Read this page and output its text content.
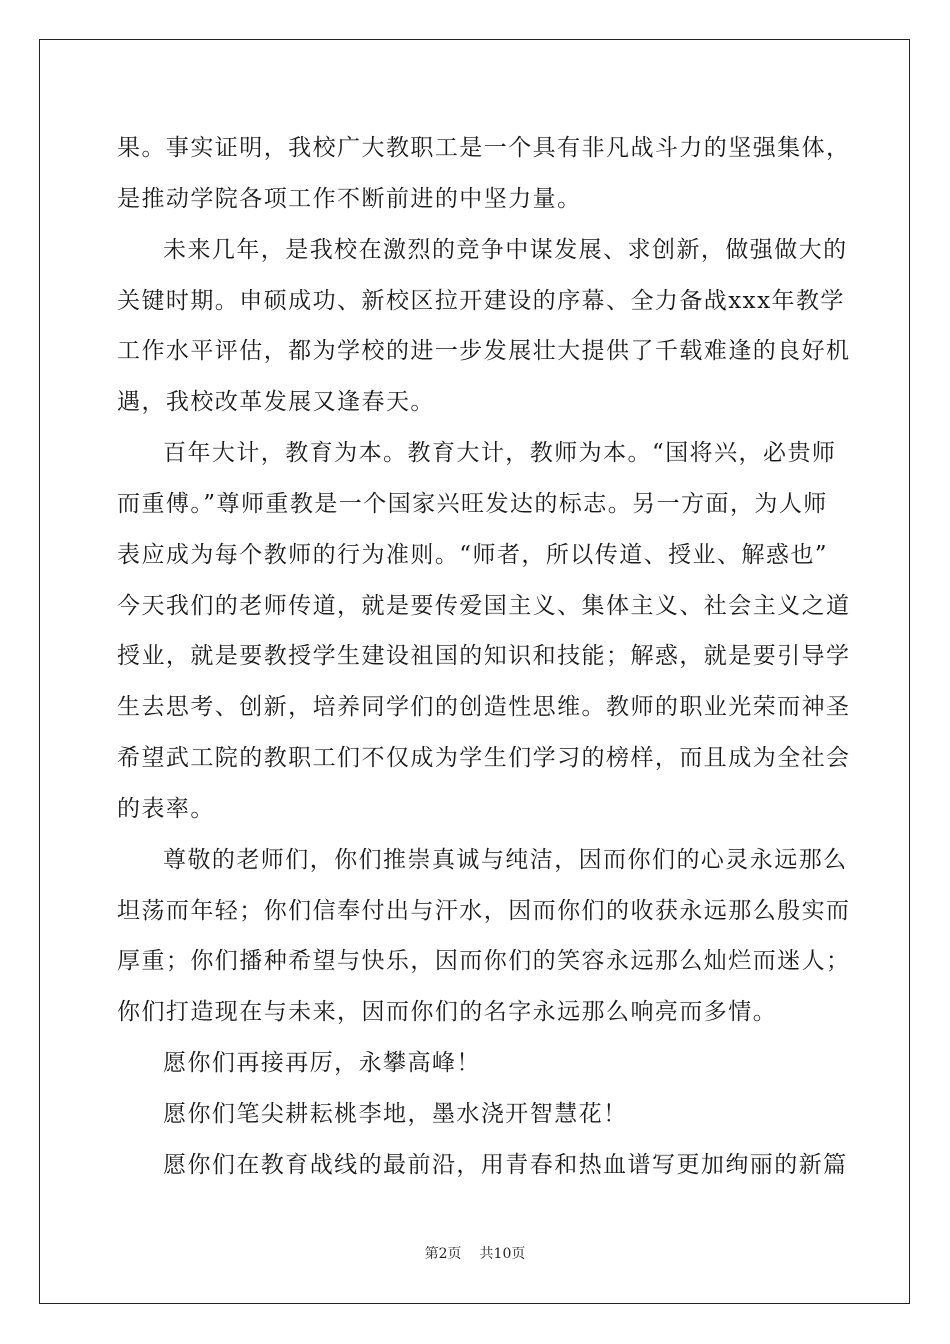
果。事实证明，我校广大教职工是一个具有非凡战斗力的坚强集体，
是推动学院各项工作不断前进的中坚力量。
未来几年，是我校在激烈的竞争中谋发展、求创新，做强做大的
关键时期。申硕成功、新校区拉开建设的序幕、全力备战xxx年教学
工作水平评估，都为学校的进一步发展壮大提供了千载难逢的良好机
遇，我校改革发展又逢春天。
百年大计，教育为本。教育大计，教师为本。“国将兴，必贵师
而重傅。”尊师重教是一个国家兴旺发达的标志。另一方面，为人师
表应成为每个教师的行为准则。“师者，所以传道、授业、解惑也”
今天我们的老师传道，就是要传爱国主义、集体主义、社会主义之道
授业，就是要教授学生建设祖国的知识和技能；解惑，就是要引导学
生去思考、创新，培养同学们的创造性思维。教师的职业光荣而神圣
希望武工院的教职工们不仅成为学生们学习的榜样，而且成为全社会
的表率。
尊敬的老师们，你们推崇真诚与纯洁，因而你们的心灵永远那么
坦荡而年轻；你们信奉付出与汗水，因而你们的收获永远那么殷实而
厚重；你们播种希望与快乐，因而你们的笑容永远那么灿烂而迷人；
你们打造现在与未来，因而你们的名字永远那么响亮而多情。
愿你们再接再厉，永攀高峰！
愿你们笔尖耕耘桃李地，墨水浇开智慧花！
愿你们在教育战线的最前沿，用青春和热血谱写更加绚丽的新篇
第2页 共10页
